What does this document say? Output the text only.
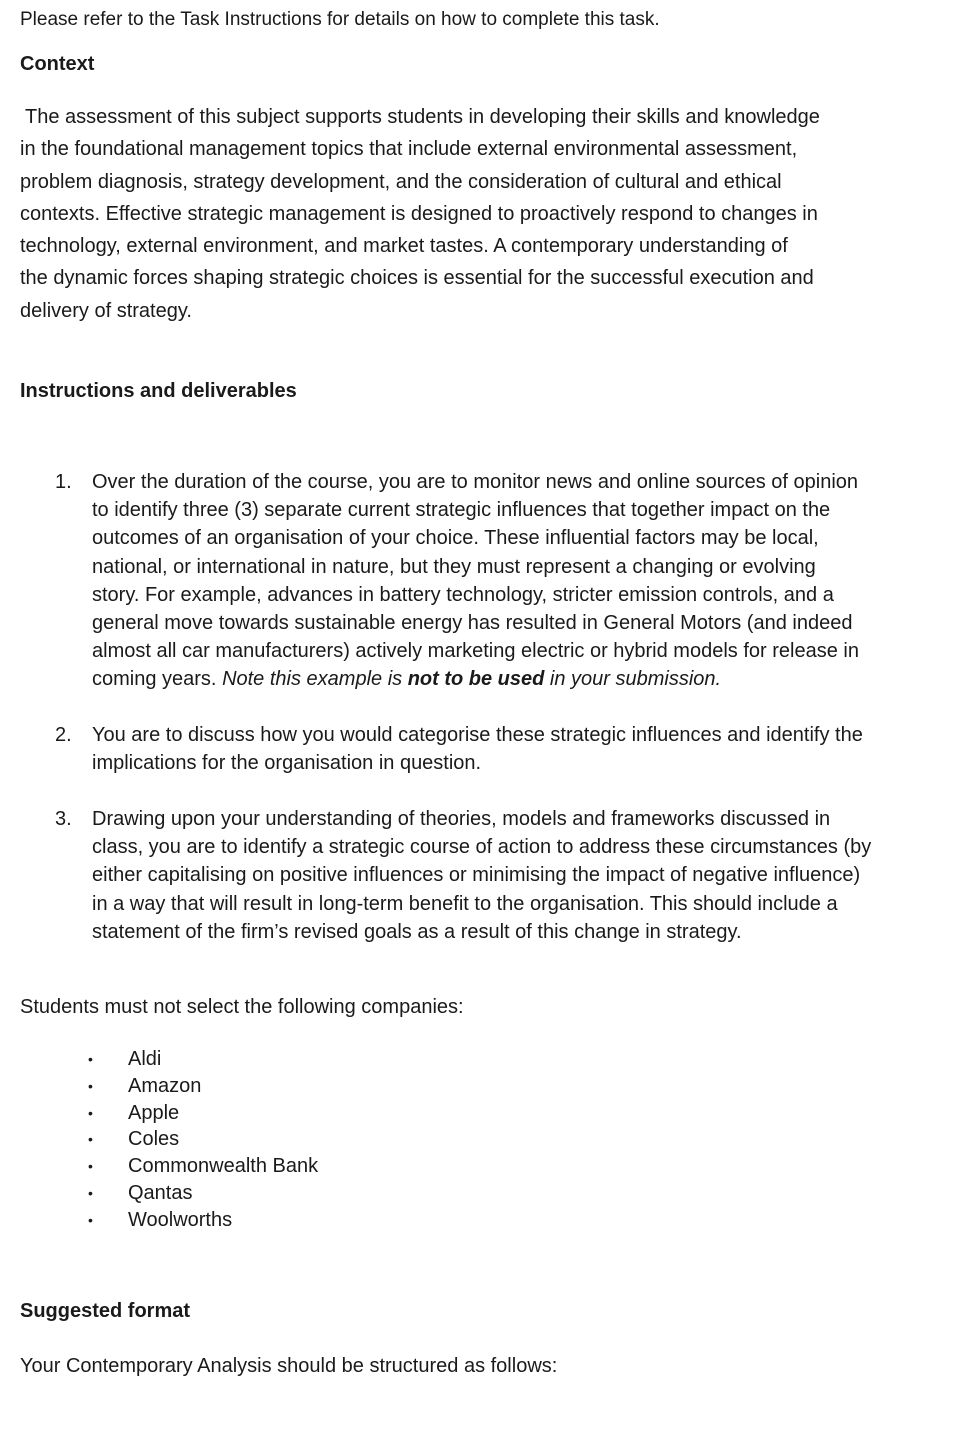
Please refer to the Task Instructions for details on how to complete this task.
Context
The assessment of this subject supports students in developing their skills and knowledge
in the foundational management topics that include external environmental assessment,
problem diagnosis, strategy development, and the consideration of cultural and ethical
contexts. Effective strategic management is designed to proactively respond to changes in
technology, external environment, and market tastes. A contemporary understanding of
the dynamic forces shaping strategic choices is essential for the successful execution and
delivery of strategy.
Instructions and deliverables
1. Over the duration of the course, you are to monitor news and online sources of opinion
to identify three (3) separate current strategic influences that together impact on the
outcomes of an organisation of your choice. These influential factors may be local,
national, or international in nature, but they must represent a changing or evolving
story. For example, advances in battery technology, stricter emission controls, and a
general move towards sustainable energy has resulted in General Motors (and indeed
almost all car manufacturers) actively marketing electric or hybrid models for release in
coming years. Note this example is not to be used in your submission.
2. You are to discuss how you would categorise these strategic influences and identify the
implications for the organisation in question.
3. Drawing upon your understanding of theories, models and frameworks discussed in
class, you are to identify a strategic course of action to address these circumstances (by
either capitalising on positive influences or minimising the impact of negative influence)
in a way that will result in long-term benefit to the organisation. This should include a
statement of the firm’s revised goals as a result of this change in strategy.
Students must not select the following companies:
• Aldi
• Amazon
• Apple
• Coles
• Commonwealth Bank
• Qantas
• Woolworths
Suggested format
Your Contemporary Analysis should be structured as follows:
